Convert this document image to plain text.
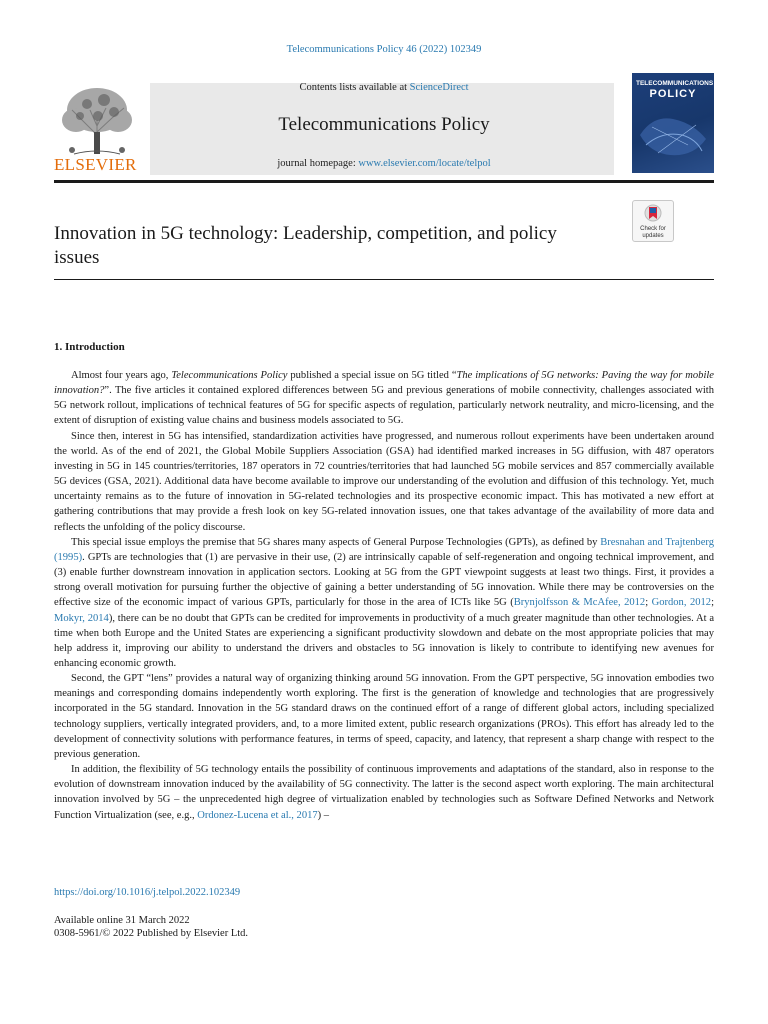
Telecommunications Policy 46 (2022) 102349
Contents lists available at ScienceDirect
Telecommunications Policy
journal homepage: www.elsevier.com/locate/telpol
ELSEVIER
TELECOMMUNICATIONS
POLICY
Innovation in 5G technology: Leadership, competition, and policy issues
Check for
updates
1. Introduction

Almost four years ago, Telecommunications Policy published a special issue on 5G titled “The implications of 5G networks: Paving the way for mobile innovation?”. The five articles it contained explored differences between 5G and previous generations of mobile connectivity, challenges associated with 5G network rollout, implications of technical features of 5G for specific aspects of regulation, particularly network neutrality, and micro-licensing, and the extent of disruption of existing value chains and business models associated to 5G.

Since then, interest in 5G has intensified, standardization activities have progressed, and numerous rollout experiments have been undertaken around the world. As of the end of 2021, the Global Mobile Suppliers Association (GSA) had identified marked increases in 5G diffusion, with 487 operators investing in 5G in 145 countries/territories, 187 operators in 72 countries/territories that had launched 5G mobile services and 857 commercially available 5G devices (GSA, 2021). Additional data have become available to improve our understanding of the evolution and diffusion of this technology. Yet, much uncertainty remains as to the future of innovation in 5G-related technologies and its prospective economic impact. This has motivated a new effort at gathering contributions that may provide a fresh look on key 5G-related innovation issues, one that takes advantage of the availability of more data and reflects the unfolding of the policy discourse.

This special issue employs the premise that 5G shares many aspects of General Purpose Technologies (GPTs), as defined by Bresnahan and Trajtenberg (1995). GPTs are technologies that (1) are pervasive in their use, (2) are intrinsically capable of self-regeneration and ongoing technical improvement, and (3) enable further downstream innovation in application sectors. Looking at 5G from the GPT viewpoint suggests at least two things. First, it provides a strong overall motivation for pursuing further the objective of gaining a better understanding of 5G innovation. While there may be controversies on the effective size of the economic impact of various GPTs, particularly for those in the area of ICTs like 5G (Brynjolfsson & McAfee, 2012; Gordon, 2012; Mokyr, 2014), there can be no doubt that GPTs can be credited for improvements in productivity of a much greater magnitude than other technologies. At a time when both Europe and the United States are experiencing a significant productivity slowdown and debate on the most appropriate policies that may help address it, improving our ability to understand the drivers and obstacles to 5G innovation is likely to contribute to identifying new avenues for enhancing economic growth.

Second, the GPT “lens” provides a natural way of organizing thinking around 5G innovation. From the GPT perspective, 5G innovation embodies two meanings and corresponding domains independently worth exploring. The first is the generation of knowledge and technologies that are progressively incorporated in the 5G standard. Innovation in the 5G standard draws on the continued effort of a range of different global actors, including specialized technology suppliers, vertically integrated providers, and, to a more limited extent, public research organizations (PROs). This effort has already led to the development of connectivity solutions with performance features, in terms of speed, capacity, and latency, that represent a sharp change with respect to the previous generation.

In addition, the flexibility of 5G technology entails the possibility of continuous improvements and adaptations of the standard, also in response to the evolution of downstream innovation induced by the availability of 5G connectivity. The latter is the second aspect worth exploring. The main architectural innovation involved by 5G – the unprecedented high degree of virtualization enabled by technologies such as Software Defined Networks and Network Function Virtualization (see, e.g., Ordonez-Lucena et al., 2017) –

https://doi.org/10.1016/j.telpol.2022.102349
Available online 31 March 2022
0308-5961/© 2022 Published by Elsevier Ltd.
